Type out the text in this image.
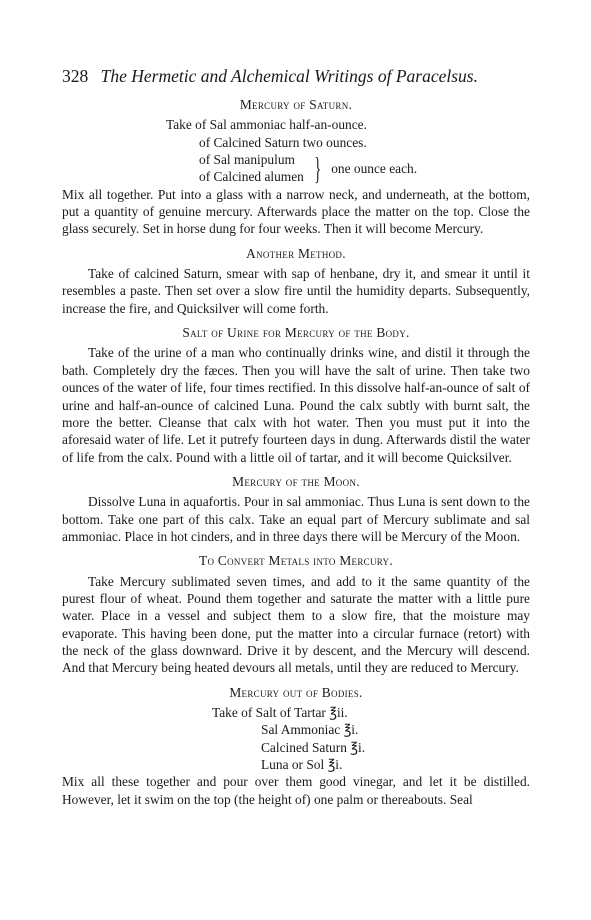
328 The Hermetic and Alchemical Writings of Paracelsus.
Mercury of Saturn.
Take of Sal ammoniac half-an-ounce.
of Calcined Saturn two ounces.
of Sal manipulum
of Calcined alumen } one ounce each.

Mix all together. Put into a glass with a narrow neck, and underneath, at the bottom, put a quantity of genuine mercury. Afterwards place the matter on the top. Close the glass securely. Set in horse dung for four weeks. Then it will become Mercury.

Another Method.

Take of calcined Saturn, smear with sap of henbane, dry it, and smear it until it resembles a paste. Then set over a slow fire until the humidity departs. Subsequently, increase the fire, and Quicksilver will come forth.

Salt of Urine for Mercury of the Body.

Take of the urine of a man who continually drinks wine, and distil it through the bath. Completely dry the fæces. Then you will have the salt of urine. Then take two ounces of the water of life, four times rectified. In this dissolve half-an-ounce of salt of urine and half-an-ounce of calcined Luna. Pound the calx subtly with burnt salt, the more the better. Cleanse that calx with hot water. Then you must put it into the aforesaid water of life. Let it putrefy fourteen days in dung. Afterwards distil the water of life from the calx. Pound with a little oil of tartar, and it will become Quicksilver.

Mercury of the Moon.

Dissolve Luna in aquafortis. Pour in sal ammoniac. Thus Luna is sent down to the bottom. Take one part of this calx. Take an equal part of Mercury sublimate and sal ammoniac. Place in hot cinders, and in three days there will be Mercury of the Moon.

To Convert Metals into Mercury.

Take Mercury sublimated seven times, and add to it the same quantity of the purest flour of wheat. Pound them together and saturate the matter with a little pure water. Place in a vessel and subject them to a slow fire, that the moisture may evaporate. This having been done, put the matter into a circular furnace (retort) with the neck of the glass downward. Drive it by descent, and the Mercury will descend. And that Mercury being heated devours all metals, until they are reduced to Mercury.

Mercury out of Bodies.
Take of Salt of Tartar ℥ii.
Sal Ammoniac ℥i.
Calcined Saturn ℥i.
Luna or Sol ℥i.

Mix all these together and pour over them good vinegar, and let it be distilled. However, let it swim on the top (the height of) one palm or thereabouts. Seal
